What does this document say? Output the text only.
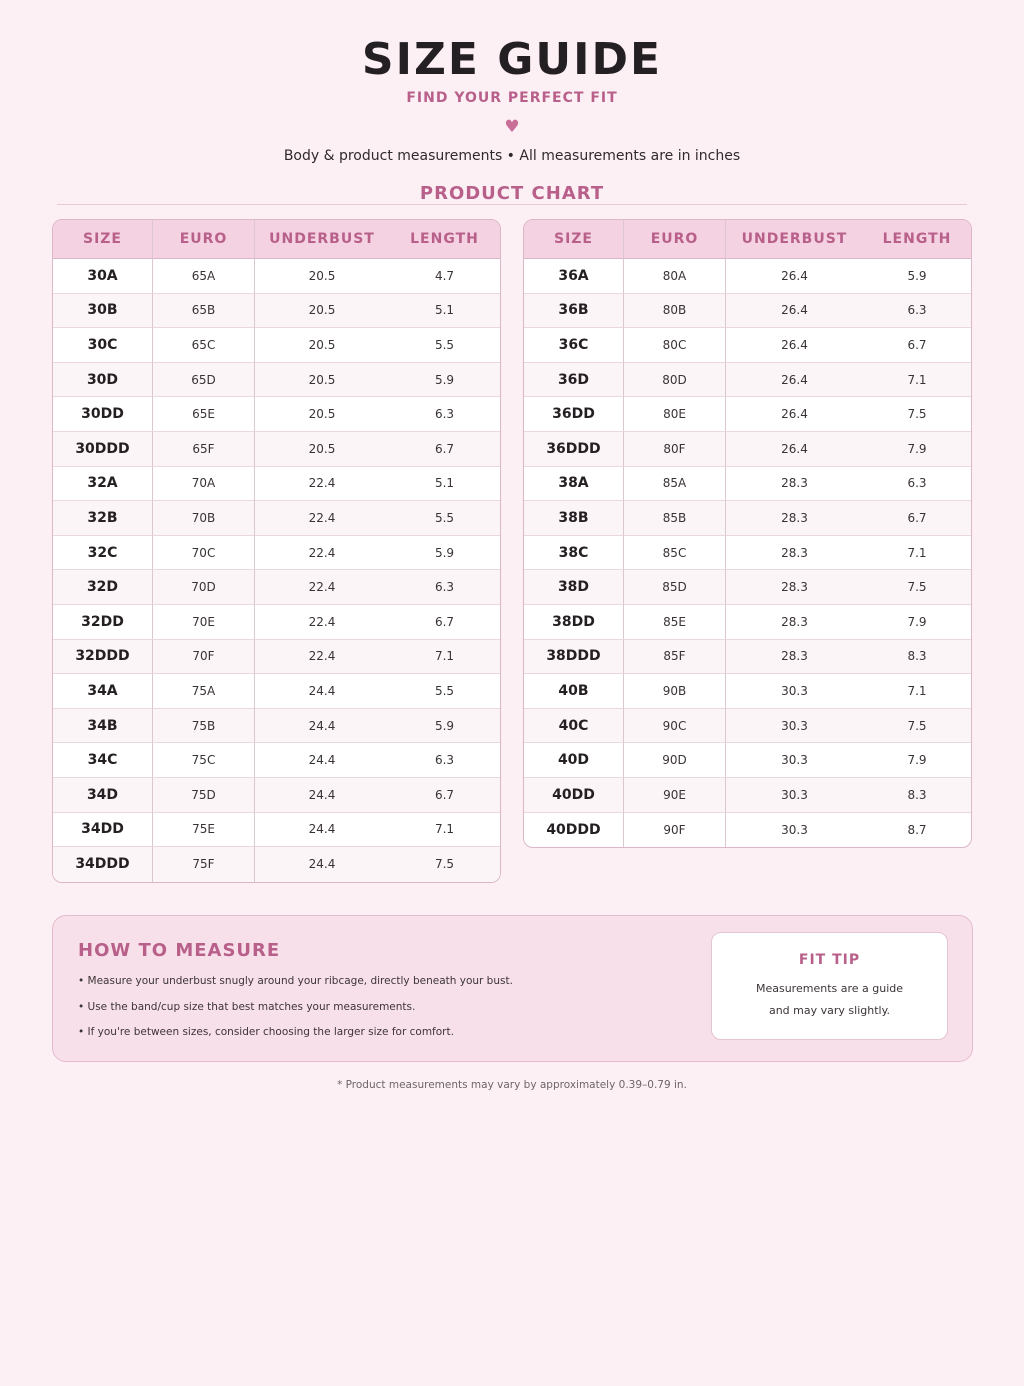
SIZE GUIDE
FIND YOUR PERFECT FIT
♥
Body & product measurements • All measurements are in inches
PRODUCT CHART
SIZE	EURO	UNDERBUST	LENGTH
30A	65A	20.5	4.7
30B	65B	20.5	5.1
30C	65C	20.5	5.5
30D	65D	20.5	5.9
30DD	65E	20.5	6.3
30DDD	65F	20.5	6.7
32A	70A	22.4	5.1
32B	70B	22.4	5.5
32C	70C	22.4	5.9
32D	70D	22.4	6.3
32DD	70E	22.4	6.7
32DDD	70F	22.4	7.1
34A	75A	24.4	5.5
34B	75B	24.4	5.9
34C	75C	24.4	6.3
34D	75D	24.4	6.7
34DD	75E	24.4	7.1
34DDD	75F	24.4	7.5
SIZE	EURO	UNDERBUST	LENGTH
36A	80A	26.4	5.9
36B	80B	26.4	6.3
36C	80C	26.4	6.7
36D	80D	26.4	7.1
36DD	80E	26.4	7.5
36DDD	80F	26.4	7.9
38A	85A	28.3	6.3
38B	85B	28.3	6.7
38C	85C	28.3	7.1
38D	85D	28.3	7.5
38DD	85E	28.3	7.9
38DDD	85F	28.3	8.3
40B	90B	30.3	7.1
40C	90C	30.3	7.5
40D	90D	30.3	7.9
40DD	90E	30.3	8.3
40DDD	90F	30.3	8.7
HOW TO MEASURE
• Measure your underbust snugly around your ribcage, directly beneath your bust.
• Use the band/cup size that best matches your measurements.
• If you're between sizes, consider choosing the larger size for comfort.
FIT TIP
Measurements are a guide and may vary slightly.
* Product measurements may vary by approximately 0.39–0.79 in.
